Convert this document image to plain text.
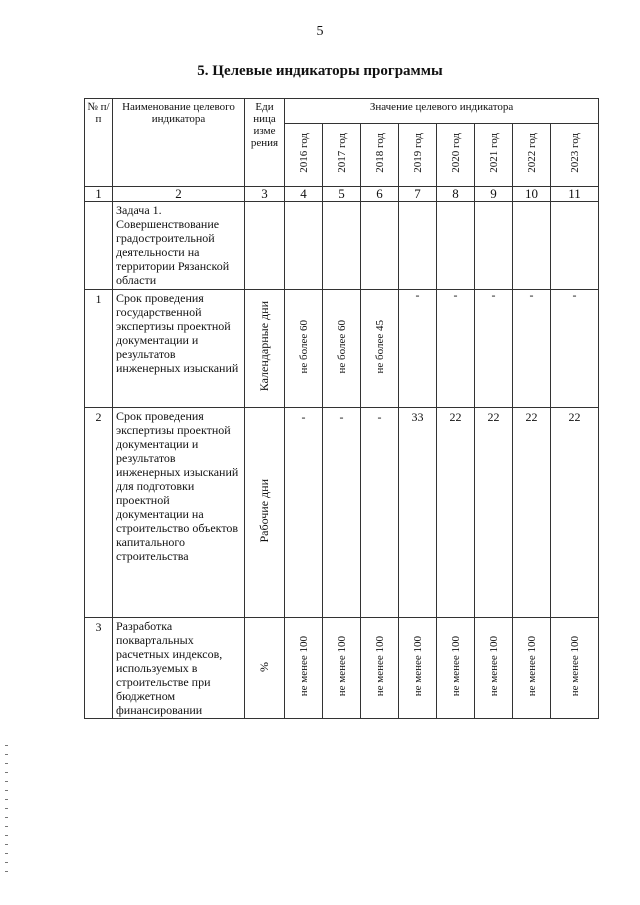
5
5. Целевые индикаторы программы
№ п/п	Наименование целевого индикатора	Еди ница изме рения	Значение целевого индикатора							
			2016 год	2017 год	2018 год	2019 год	2020 год	2021 год	2022 год	2023 год
1	2	3	4	5	6	7	8	9	10	11
	Задача 1. Совершенствование градостроительной деятельности на территории Рязанской области									
1	Срок проведения государственной экспертизы проектной документации и результатов инженерных изысканий	Календарные дни	не более 60	не более 60	не более 45	-	-	-	-	-
2	Срок проведения экспертизы проектной документации и результатов инженерных изысканий для подготовки проектной документации на строительство объектов капитального строительства	Рабочие дни	-	-	-	33	22	22	22	22
3	Разработка поквартальных расчетных индексов, используемых в строительстве при бюджетном финансировании	%	не менее 100	не менее 100	не менее 100	не менее 100	не менее 100	не менее 100	не менее 100	не менее 100
